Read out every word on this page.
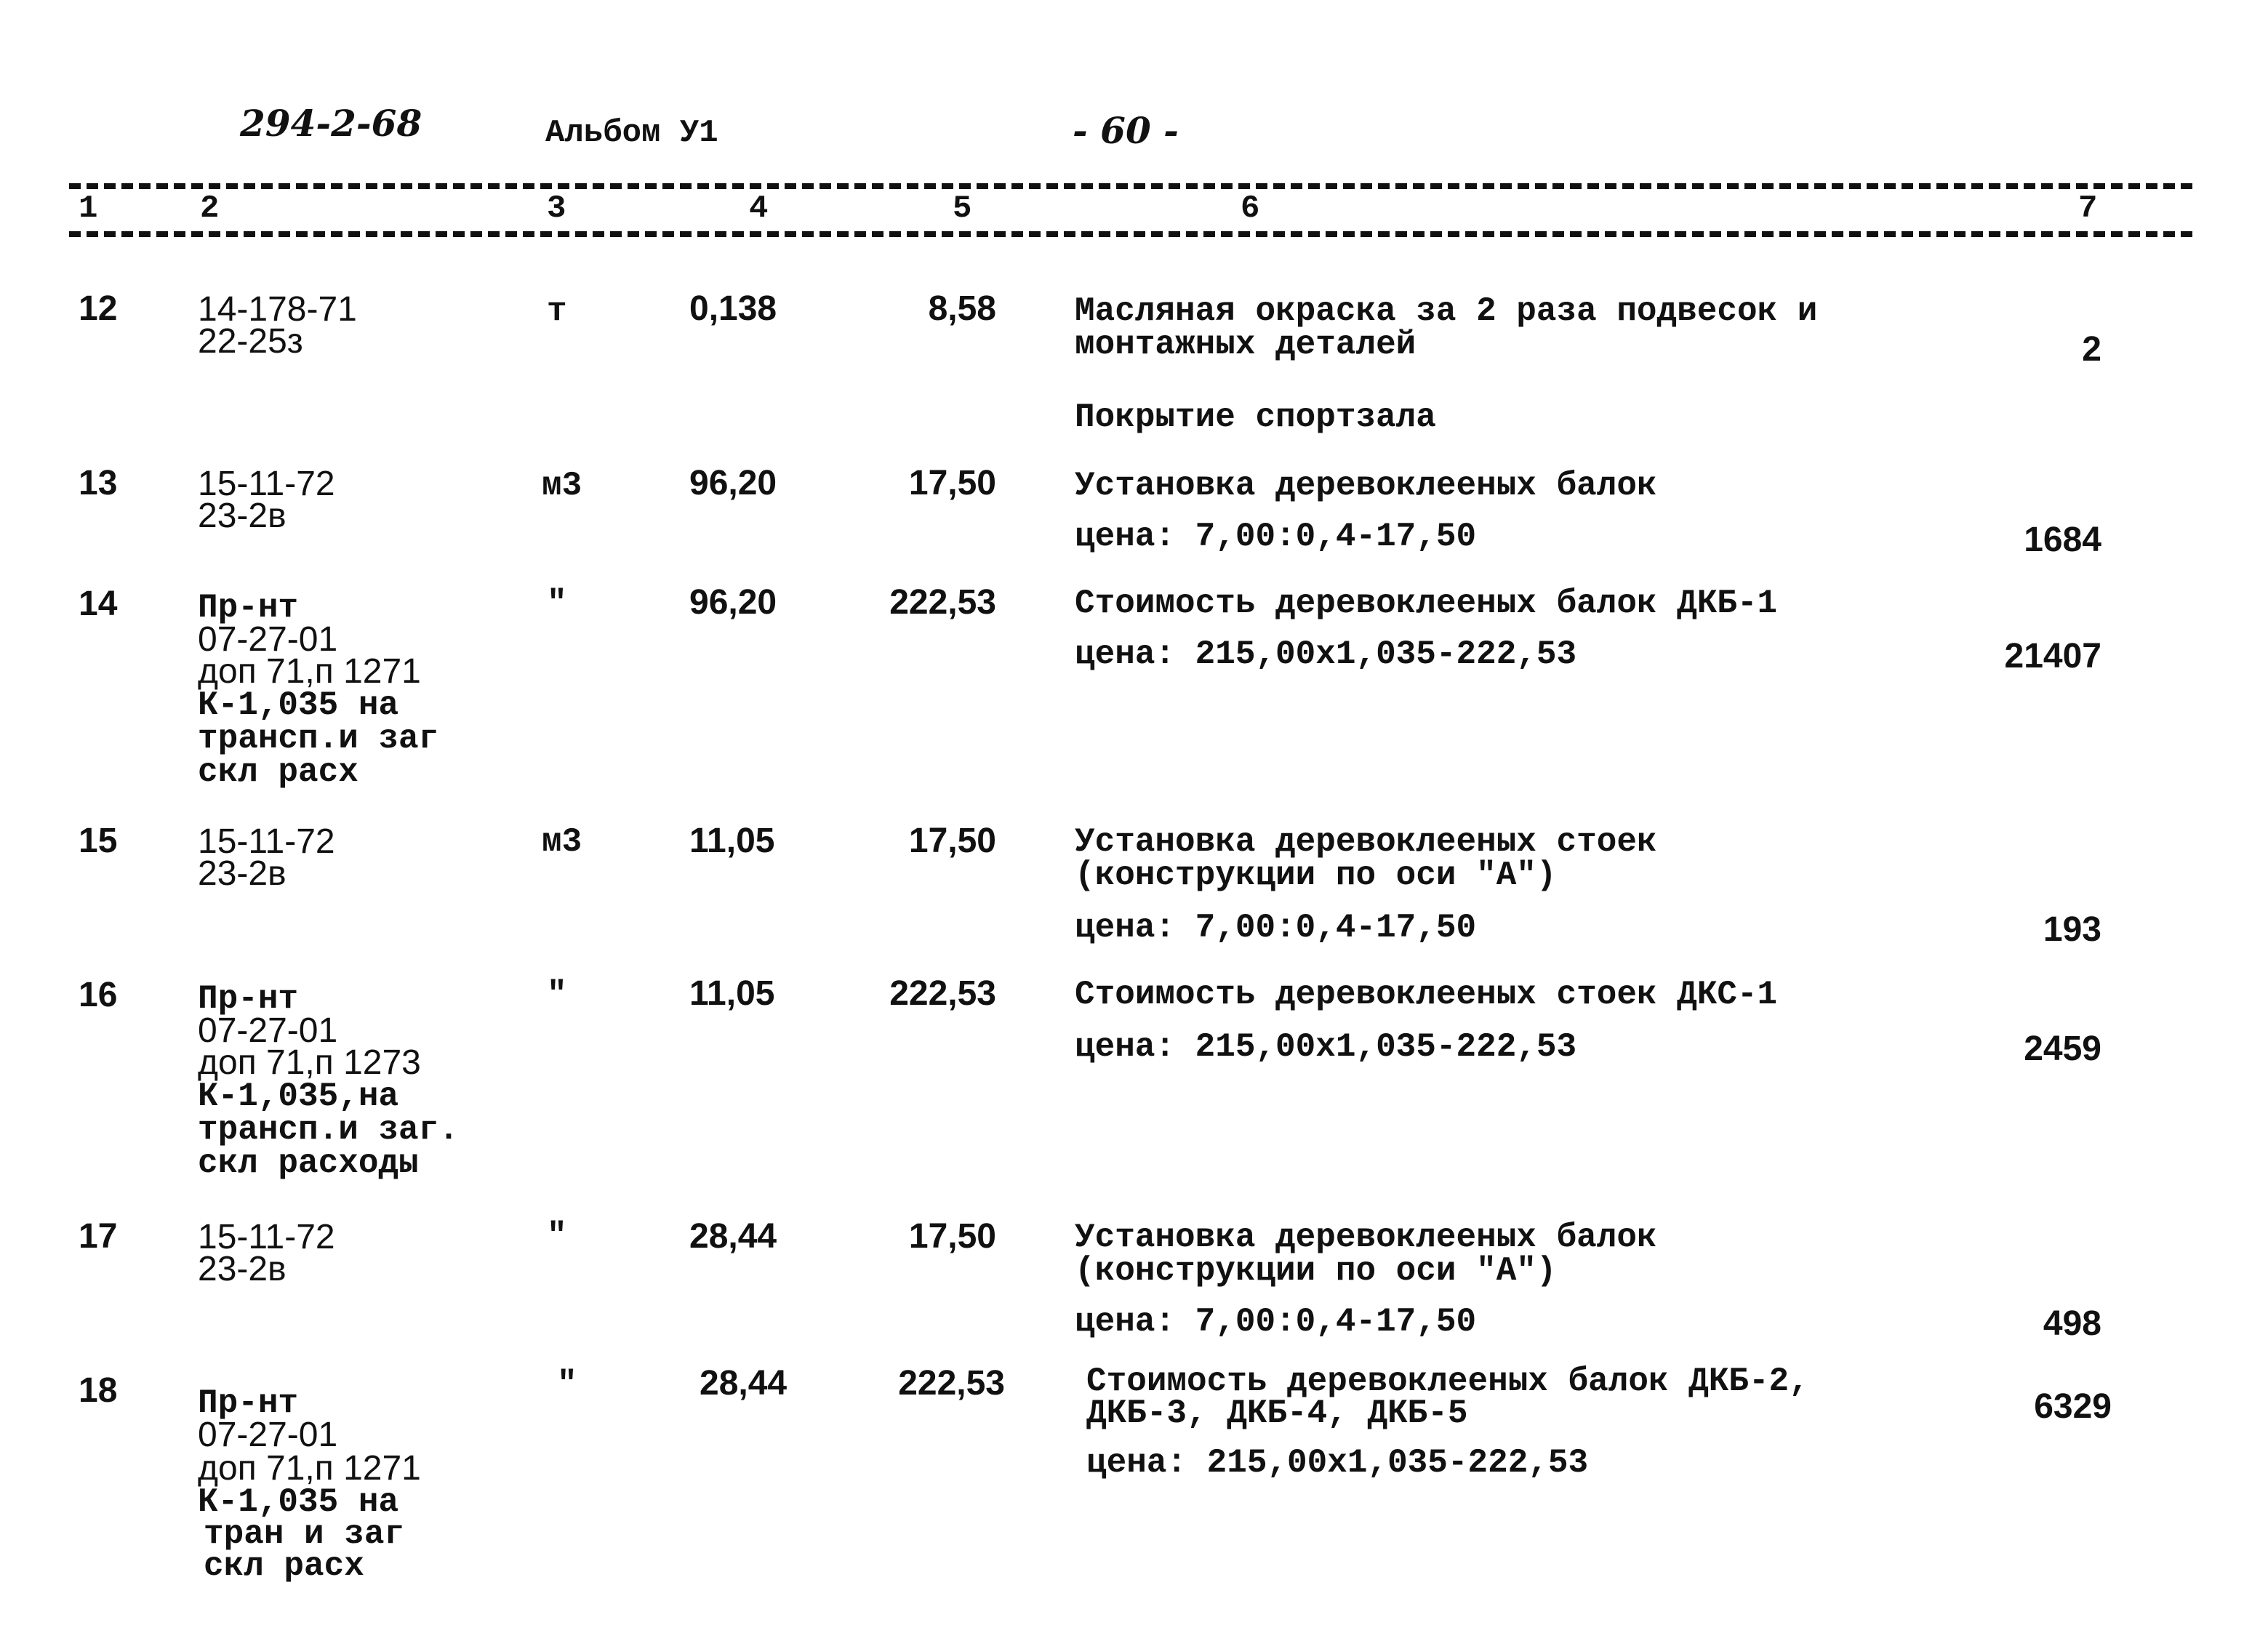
294-2-68	Альбом У1	- 60 -
1	2	3	4	5	6	7
12 14-178-71
22-25з
т	0,138	8,58 Масляная окраска за 2 раза подвесок и
монтажных деталей	2
Покрытие спортзала
13 15-11-72
23-2в
м3	96,20	17,50 Установка деревоклееных балок
цена: 7,00:0,4-17,50	1684
14 Пр-нт
07-27-01
доп 71,п 1271
К-1,035 на
трансп.и заг
скл расх
"	96,20	222,53 Стоимость деревоклееных балок ДКБ-1
цена: 215,00х1,035-222,53	21407
15 15-11-72
23-2в
м3	11,05	17,50 Установка деревоклееных стоек
(конструкции по оси "А")
цена: 7,00:0,4-17,50	193
16 Пр-нт
07-27-01
доп 71,п 1273
К-1,035,на
трансп.и заг.
скл расходы
"	11,05	222,53 Стоимость деревоклееных стоек ДКС-1
цена: 215,00х1,035-222,53	2459
17 15-11-72
23-2в
"	28,44	17,50 Установка деревоклееных балок
(конструкции по оси "А")
цена: 7,00:0,4-17,50	498
18 Пр-нт
07-27-01
доп 71,п 1271
К-1,035 на
тран и заг
скл расх
"	28,44	222,53 Стоимость деревоклееных балок ДКБ-2,
ДКБ-3, ДКБ-4, ДКБ-5
цена: 215,00х1,035-222,53
6329
